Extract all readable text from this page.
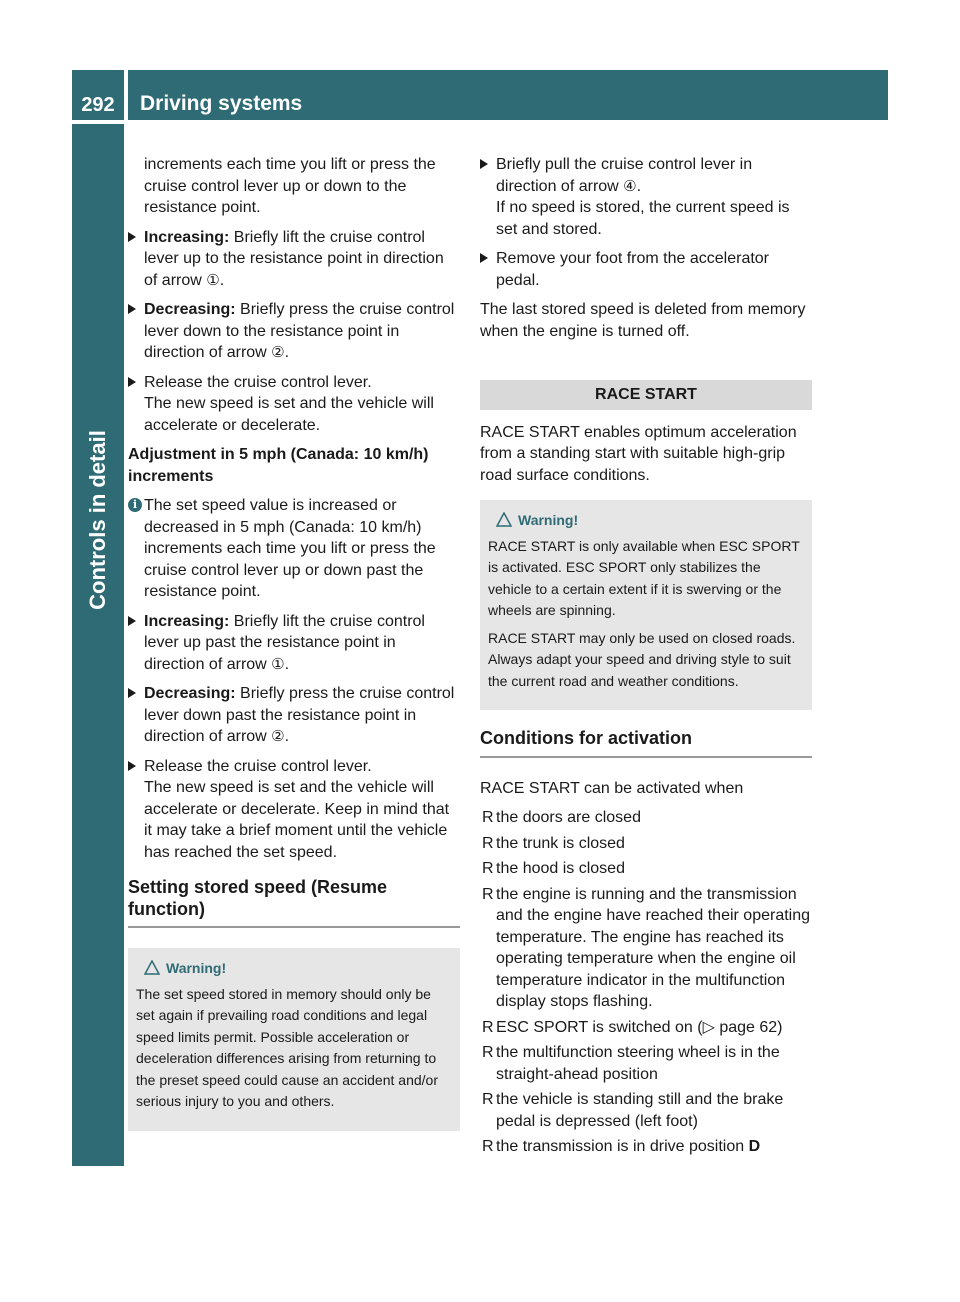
292	Driving systems
Controls in detail

increments each time you lift or press the cruise control lever up or down to the resistance point.

Increasing: Briefly lift the cruise control lever up to the resistance point in direction of arrow ①.
Decreasing: Briefly press the cruise control lever down to the resistance point in direction of arrow ②.
Release the cruise control lever.
The new speed is set and the vehicle will accelerate or decelerate.

Adjustment in 5 mph (Canada: 10 km/h) increments

i The set speed value is increased or decreased in 5 mph (Canada: 10 km/h) increments each time you lift or press the cruise control lever up or down past the resistance point.
Increasing: Briefly lift the cruise control lever up past the resistance point in direction of arrow ①.
Decreasing: Briefly press the cruise control lever down past the resistance point in direction of arrow ②.
Release the cruise control lever.
The new speed is set and the vehicle will accelerate or decelerate. Keep in mind that it may take a brief moment until the vehicle has reached the set speed.
Setting stored speed (Resume function)
Warning!

The set speed stored in memory should only be set again if prevailing road conditions and legal speed limits permit. Possible acceleration or deceleration differences arising from returning to the preset speed could cause an accident and/or serious injury to you and others.

Briefly pull the cruise control lever in direction of arrow ④.
If no speed is stored, the current speed is set and stored.
Remove your foot from the accelerator pedal.

The last stored speed is deleted from memory when the engine is turned off.

RACE START

RACE START enables optimum acceleration from a standing start with suitable high-grip road surface conditions.

Warning!

RACE START is only available when ESC SPORT is activated. ESC SPORT only stabilizes the vehicle to a certain extent if it is swerving or the wheels are spinning.

RACE START may only be used on closed roads. Always adapt your speed and driving style to suit the current road and weather conditions.

Conditions for activation

RACE START can be activated when

R the doors are closed
R the trunk is closed
R the hood is closed
R the engine is running and the transmission and the engine have reached their operating temperature. The engine has reached its operating temperature when the engine oil temperature indicator in the multifunction display stops flashing.
R ESC SPORT is switched on (▷ page 62)
R the multifunction steering wheel is in the straight-ahead position
R the vehicle is standing still and the brake pedal is depressed (left foot)
R the transmission is in drive position D
